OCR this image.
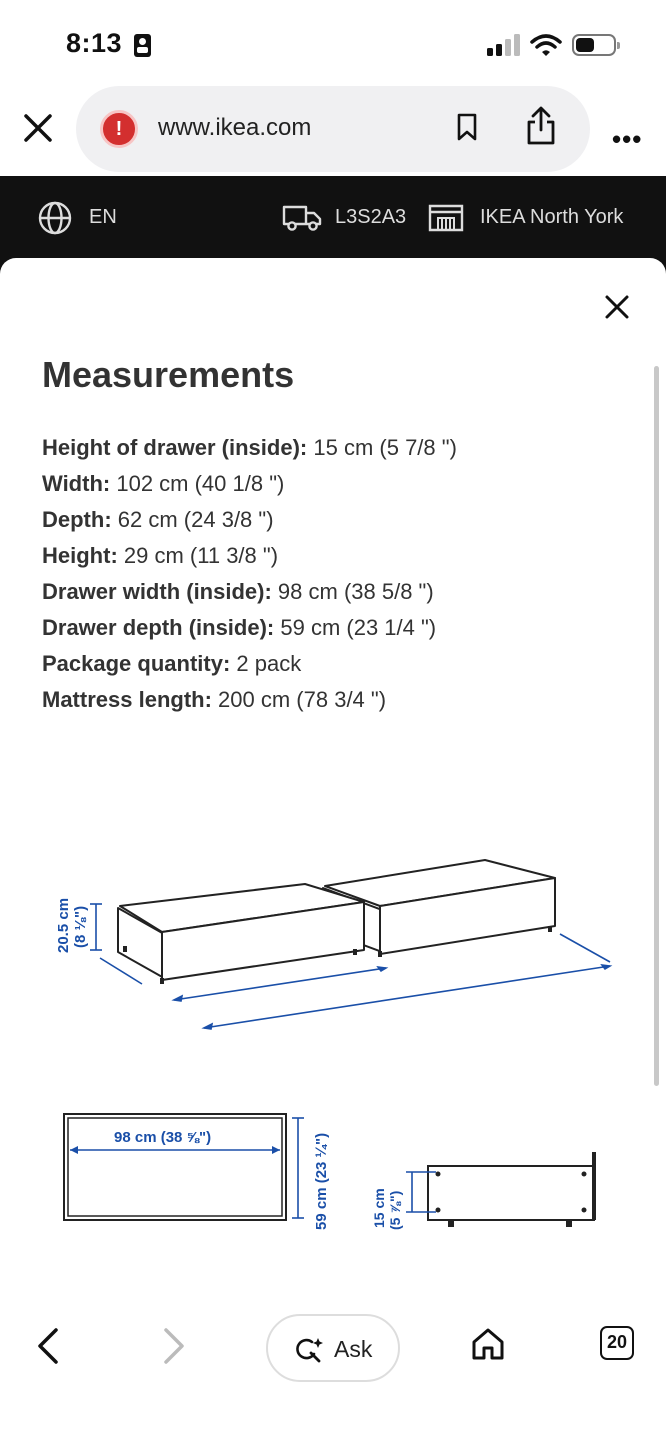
8:13
!	www.ikea.com	•••
EN	L3S2A3	IKEA North York
Measurements
Height of drawer (inside): 15 cm (5 7/8 ")
Width: 102 cm (40 1/8 ")
Depth: 62 cm (24 3/8 ")
Height: 29 cm (11 3/8 ")
Drawer width (inside): 98 cm (38 5/8 ")
Drawer depth (inside): 59 cm (23 1/4 ")
Package quantity: 2 pack
Mattress length: 200 cm (78 3/4 ")
20.5 cm (8 ⅛")
98 cm (38 ⅝")	59 cm (23 ¼")	15 cm (5 ⅞")
Ask	20
